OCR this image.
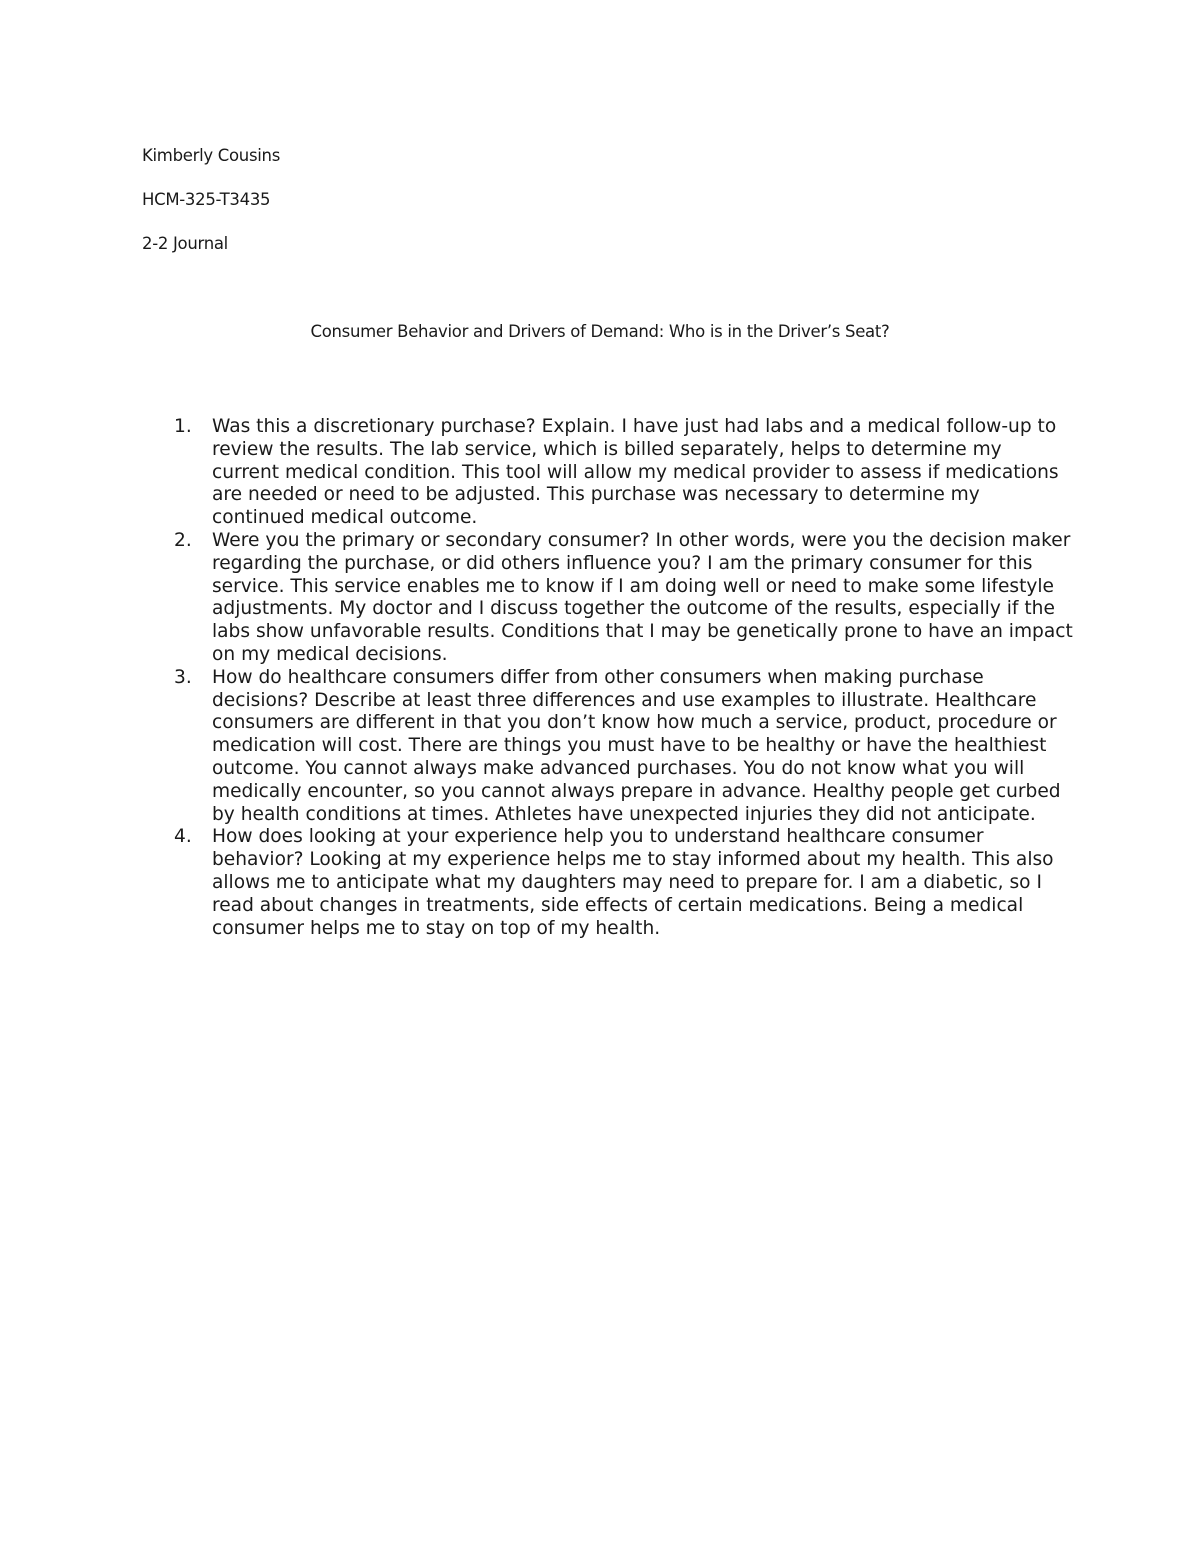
Kimberly Cousins
HCM-325-T3435
2-2 Journal
Consumer Behavior and Drivers of Demand: Who is in the Driver’s Seat?
1.	Was this a discretionary purchase? Explain. I have just had labs and a medical follow-up to review the results. The lab service, which is billed separately, helps to determine my current medical condition. This tool will allow my medical provider to assess if medications are needed or need to be adjusted. This purchase was necessary to determine my continued medical outcome.
2.	Were you the primary or secondary consumer? In other words, were you the decision maker regarding the purchase, or did others influence you? I am the primary consumer for this service. This service enables me to know if I am doing well or need to make some lifestyle adjustments. My doctor and I discuss together the outcome of the results, especially if the labs show unfavorable results. Conditions that I may be genetically prone to have an impact on my medical decisions.
3.	How do healthcare consumers differ from other consumers when making purchase decisions? Describe at least three differences and use examples to illustrate. Healthcare consumers are different in that you don’t know how much a service, product, procedure or medication will cost. There are things you must have to be healthy or have the healthiest outcome. You cannot always make advanced purchases. You do not know what you will medically encounter, so you cannot always prepare in advance. Healthy people get curbed by health conditions at times. Athletes have unexpected injuries they did not anticipate.
4.	How does looking at your experience help you to understand healthcare consumer behavior? Looking at my experience helps me to stay informed about my health. This also allows me to anticipate what my daughters may need to prepare for. I am a diabetic, so I read about changes in treatments, side effects of certain medications. Being a medical consumer helps me to stay on top of my health.
